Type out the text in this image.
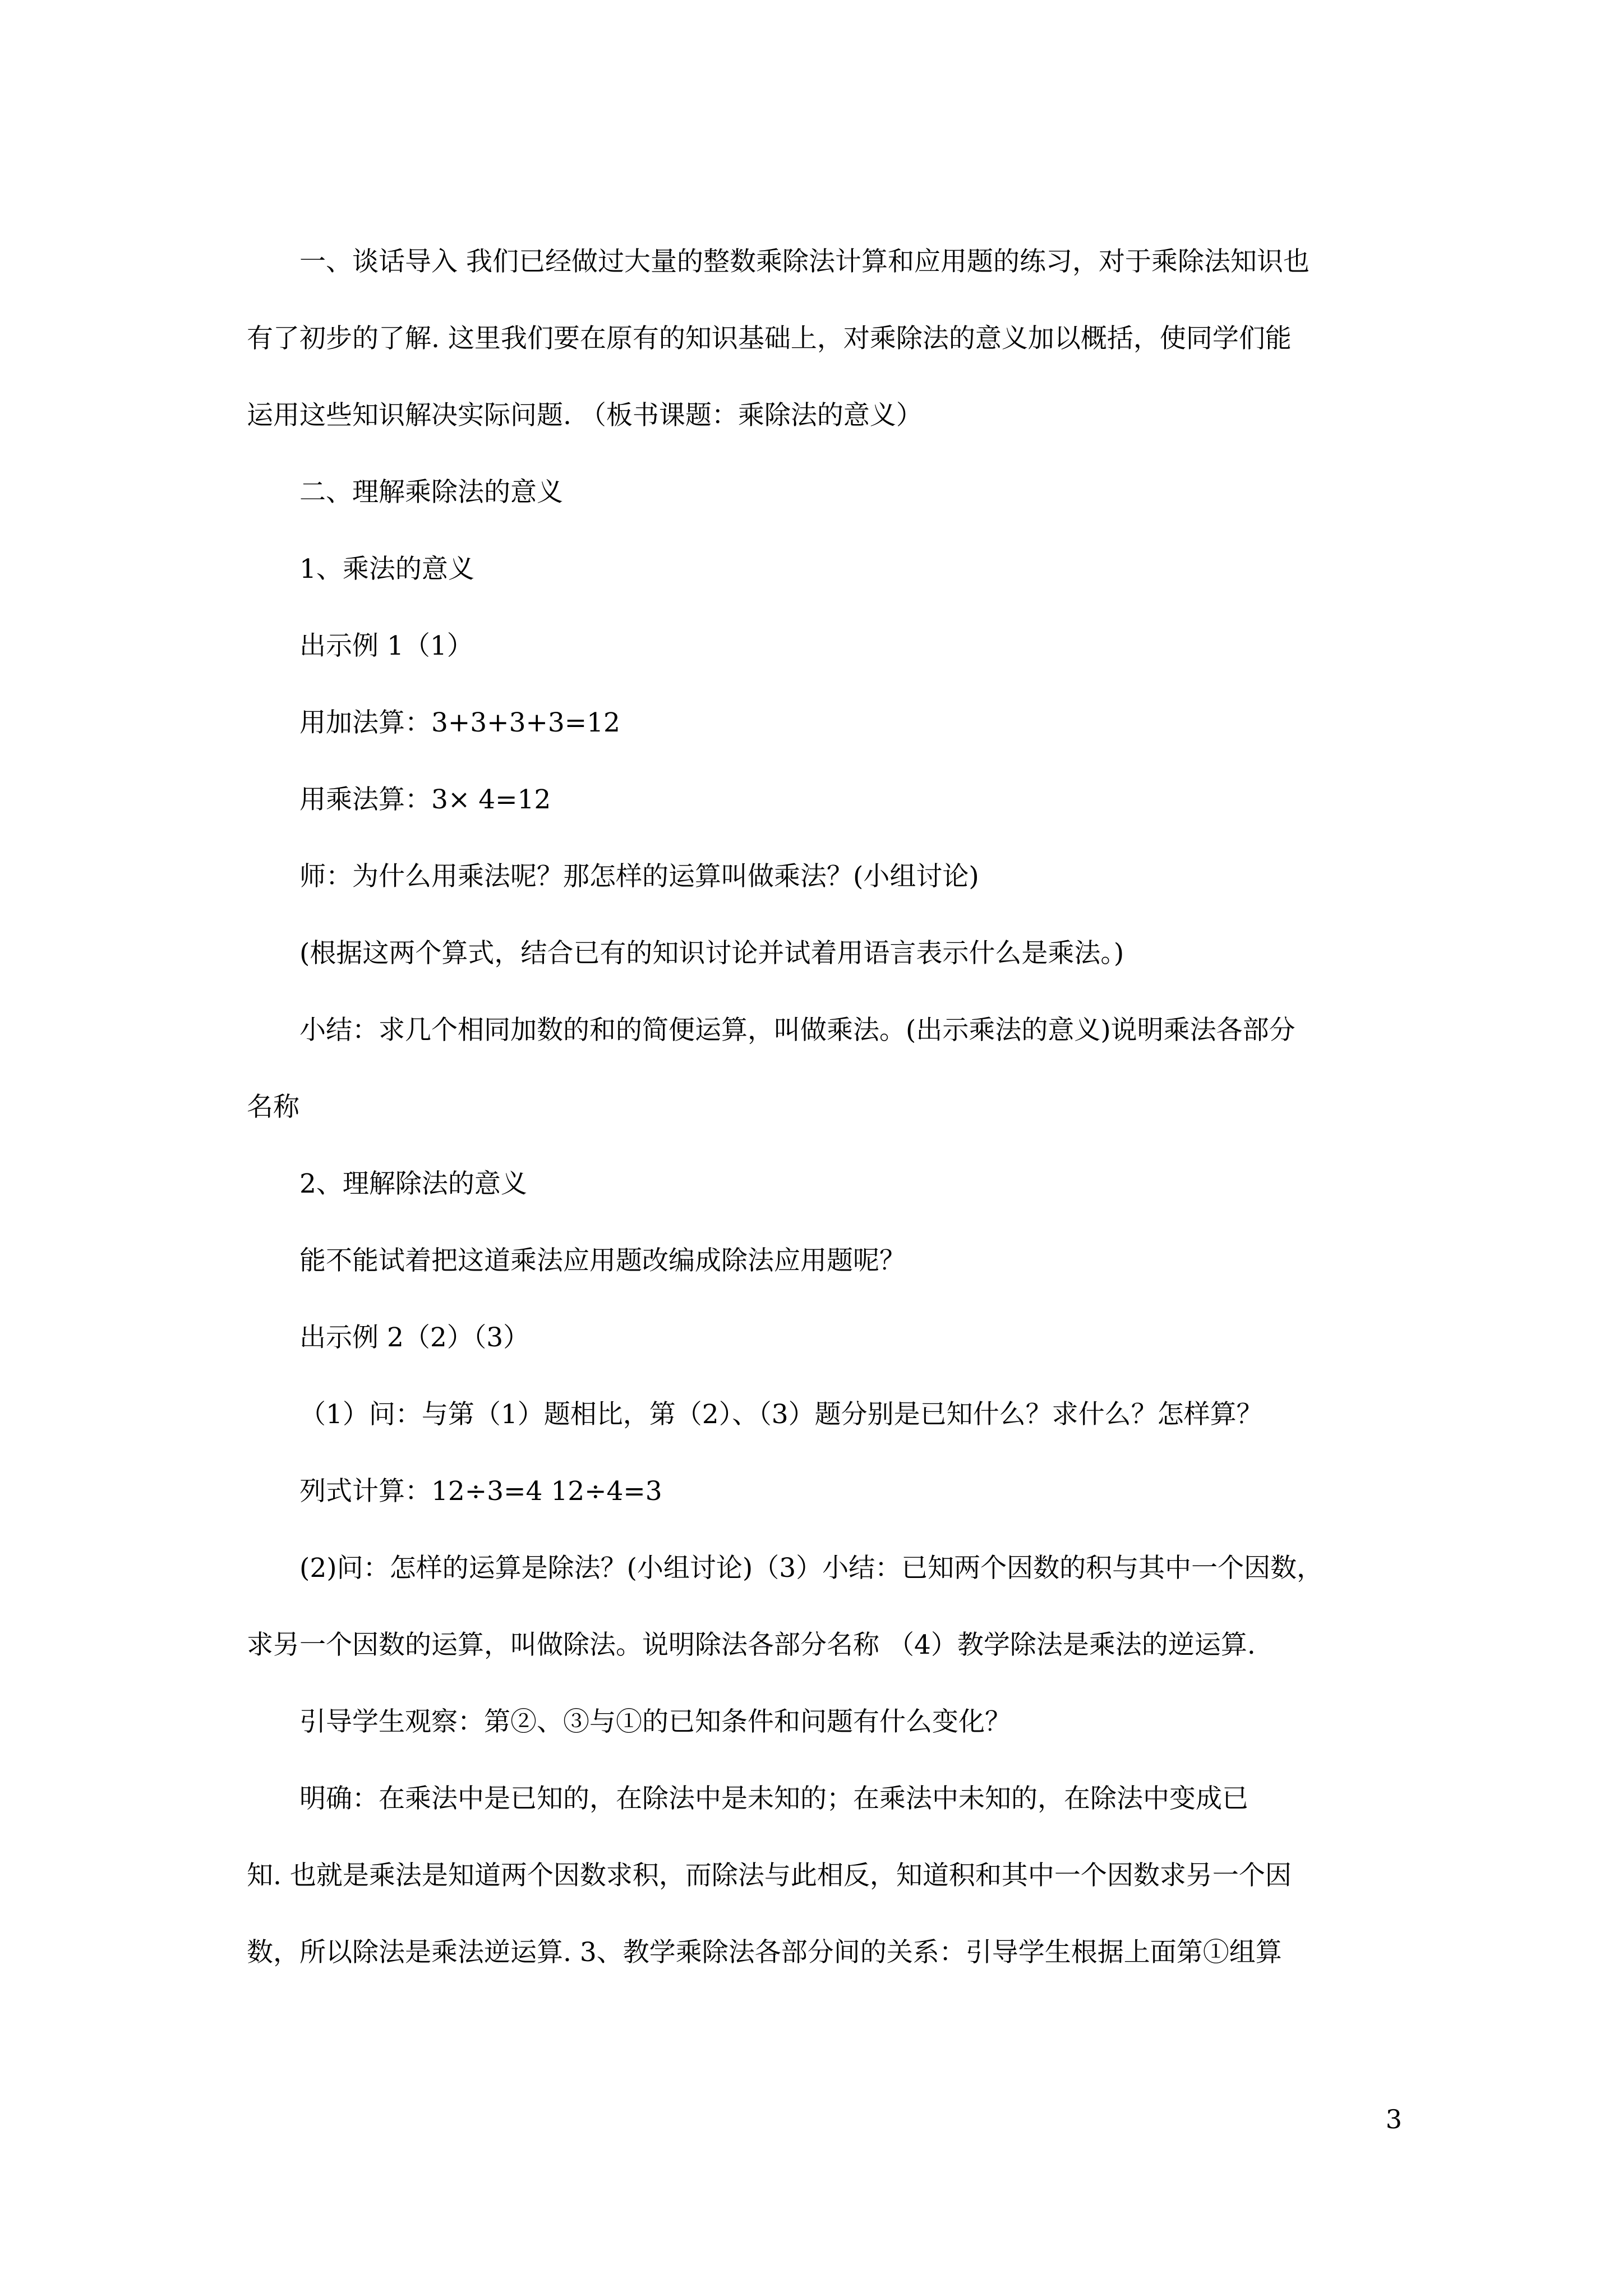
一、谈话导入 我们已经做过大量的整数乘除法计算和应用题的练习，对于乘除法知识也

有了初步的了解. 这里我们要在原有的知识基础上，对乘除法的意义加以概括，使同学们能

运用这些知识解决实际问题. （板书课题：乘除法的意义）

二、理解乘除法的意义

1、乘法的意义

出示例 1（1）

用加法算：3+3+3+3=12

用乘法算：3× 4=12

师：为什么用乘法呢？那怎样的运算叫做乘法？(小组讨论)

(根据这两个算式，结合已有的知识讨论并试着用语言表示什么是乘法。)

小结：求几个相同加数的和的简便运算，叫做乘法。(出示乘法的意义)说明乘法各部分

名称

2、理解除法的意义

能不能试着把这道乘法应用题改编成除法应用题呢？

出示例 2（2）（3）

（1）问：与第（1）题相比，第（2）、（3）题分别是已知什么？求什么？怎样算？

列式计算：12÷3=4 12÷4=3

(2)问：怎样的运算是除法？(小组讨论)（3）小结：已知两个因数的积与其中一个因数，

求另一个因数的运算，叫做除法。说明除法各部分名称 （4）教学除法是乘法的逆运算.

引导学生观察：第②、③与①的已知条件和问题有什么变化？

明确：在乘法中是已知的，在除法中是未知的；在乘法中未知的，在除法中变成已

知. 也就是乘法是知道两个因数求积，而除法与此相反，知道积和其中一个因数求另一个因

数，所以除法是乘法逆运算. 3、教学乘除法各部分间的关系：引导学生根据上面第①组算

3
